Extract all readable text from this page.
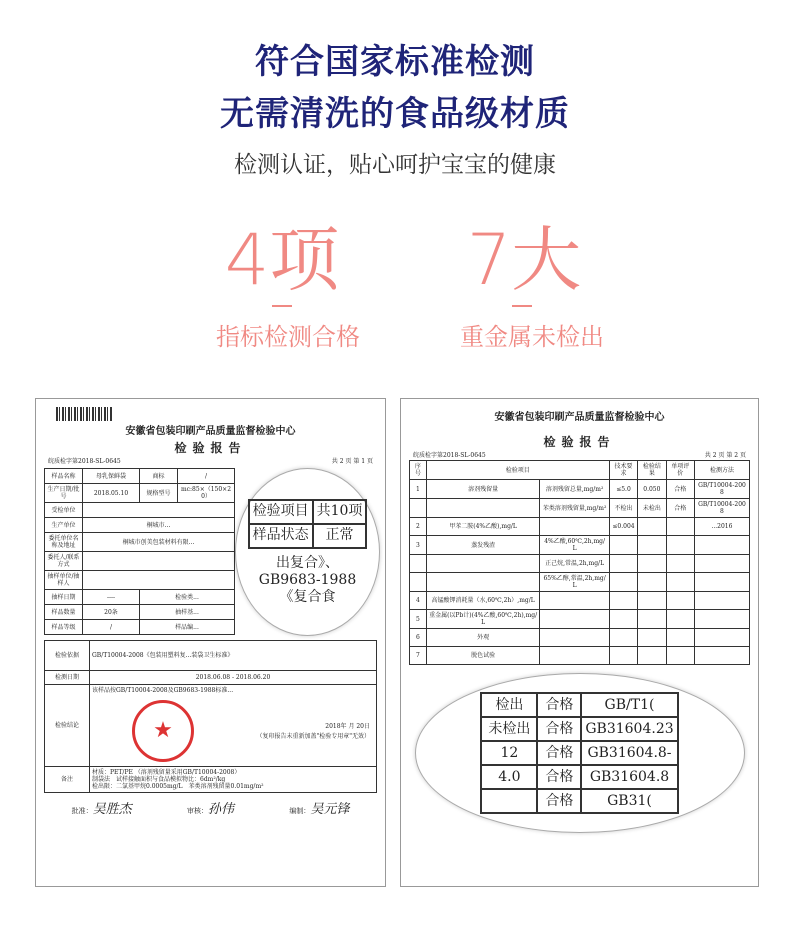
符合国家标准检测
无需清洗的食品级材质
检测认证，贴心呵护宝宝的健康
4项
指标检测合格
7大
重金属未检出
安徽省包装印刷产品质量监督检验中心
检验报告
皖质检字第2018-SL-0645	共 2 页 第 1 页
样品名称	母乳保鲜袋	商标	/
生产日期/批号	2018.05.10	规格型号	mc:85×（150×20）
受检单位			
生产单位	桐城市...		
委托单位名称及地址	桐城市创美包装材料有限...		
委托人/联系方式			
抽样单位/抽样人			
抽样日期	----	检验类...	
样品数量	20条	抽样基...	
样品等级	/	样品编...	
检验项目	共10项
样品状态	正常
出复合》、GB9683-1988《复合食
检验依据	GB/T10004-2008《包装用塑料复...装袋卫生标准》
检测日期	2018.06.08 - 2018.06.20
检验结论	该样品按GB/T10004-2008及GB9683-1988标准...
★ 2018年 月 20日
（复印报告未重新加盖"检验专用章"无效）

备注	材质：PET/PE （溶剂残留量采用GB/T10004-2008）
制袋法　试样接触面积与食品模拟物比：6dm²/kg
检出限：二氯基甲烷0.0005mg/L　苯类溶剂残留量0.01mg/m²
批准：吴胜杰	审核：孙伟	编制：吴元锋
安徽省包装印刷产品质量监督检验中心
检验报告
皖质检字第2018-SL-0645	共 2 页 第 2 页
序号	检验项目		技术要求	检验结果	单项评价	检测方法
1	溶剂残留量	溶剂残留总量,mg/m²	≤5.0	0.050	合格	GB/T10004-2008
		苯类溶剂残留量,mg/m²	不检出	未检出	合格	GB/T10004-2008
2	甲苯二胺(4%乙酸),mg/L		≤0.004			...2016
3	蒸发残渣	4%乙酸,60℃,2h,mg/L				
		正己烷,常温,2h,mg/L				
		65%乙醇,常温,2h,mg/L				
4	高锰酸钾消耗量（水,60℃,2h）,mg/L					
5	重金属(以Pb计)(4%乙酸,60℃,2h),mg/L					
6	外观					
7	脱色试验					
检出	合格	GB/T1(
未检出	合格	GB31604.23
12	合格	GB31604.8-
4.0	合格	GB31604.8
	合格	GB31(
